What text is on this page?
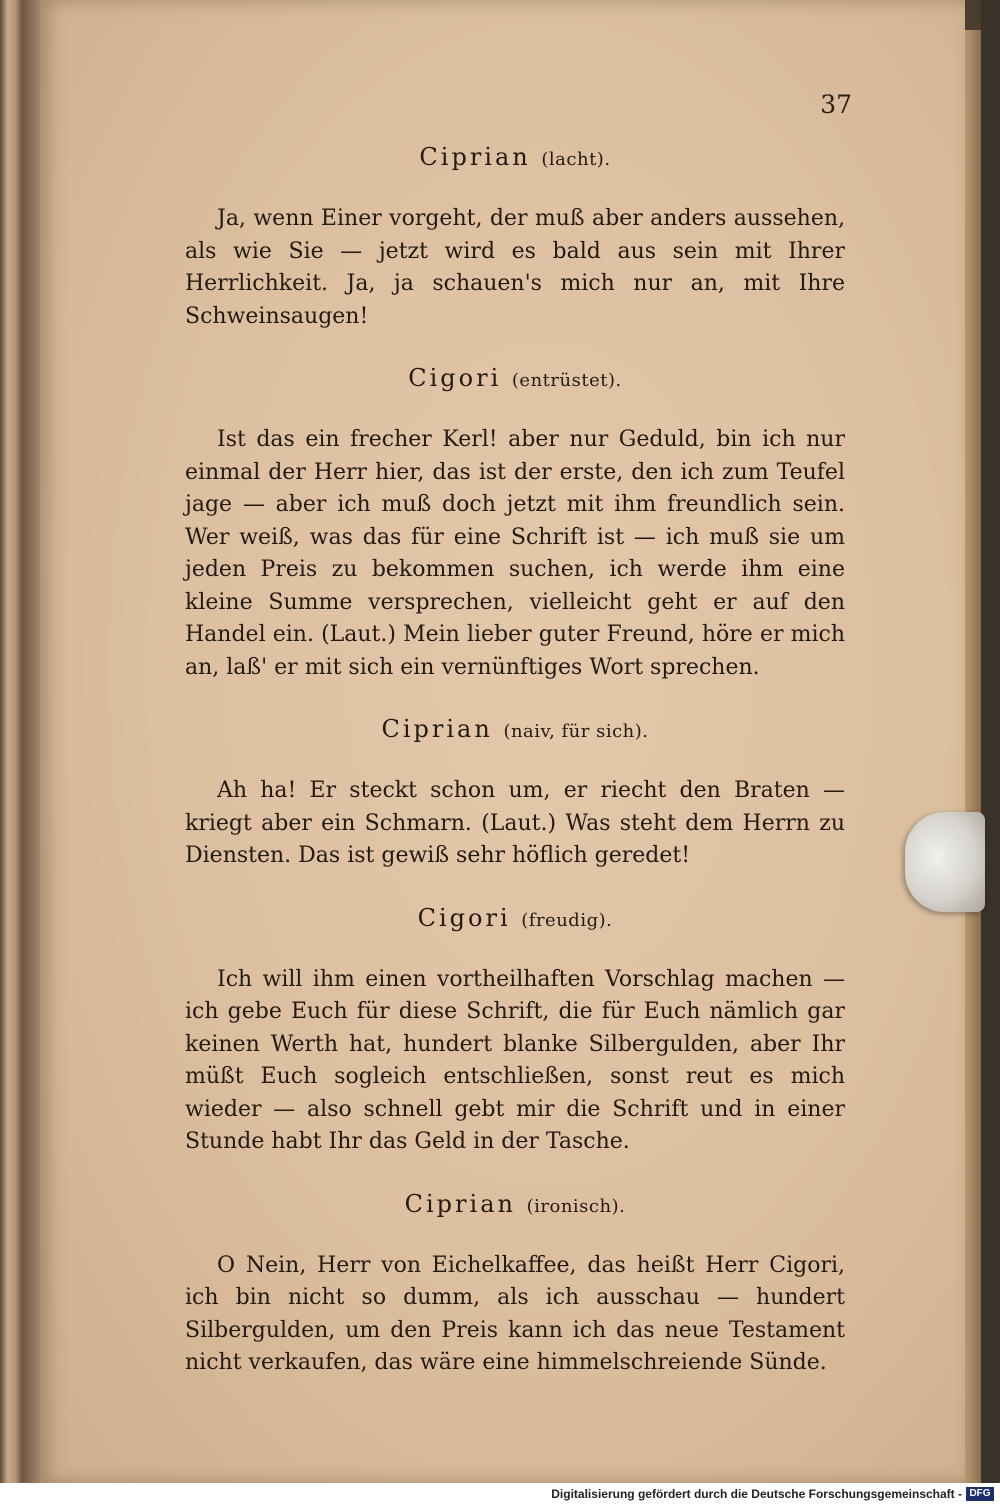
37
Ciprian (lacht).

Ja, wenn Einer vorgeht, der muß aber anders aussehen, als wie Sie — jetzt wird es bald aus sein mit Ihrer Herrlichkeit. Ja, ja schauen's mich nur an, mit Ihre Schweinsaugen!

Cigori (entrüstet).

Ist das ein frecher Kerl! aber nur Geduld, bin ich nur einmal der Herr hier, das ist der erste, den ich zum Teufel jage — aber ich muß doch jetzt mit ihm freundlich sein. Wer weiß, was das für eine Schrift ist — ich muß sie um jeden Preis zu bekommen suchen, ich werde ihm eine kleine Summe versprechen, vielleicht geht er auf den Handel ein. (Laut.) Mein lieber guter Freund, höre er mich an, laß' er mit sich ein vernünftiges Wort sprechen.

Ciprian (naiv, für sich).

Ah ha! Er steckt schon um, er riecht den Braten — kriegt aber ein Schmarn. (Laut.) Was steht dem Herrn zu Diensten. Das ist gewiß sehr höflich geredet!

Cigori (freudig).

Ich will ihm einen vortheilhaften Vorschlag machen — ich gebe Euch für diese Schrift, die für Euch nämlich gar keinen Werth hat, hundert blanke Silbergulden, aber Ihr müßt Euch sogleich entschließen, sonst reut es mich wieder — also schnell gebt mir die Schrift und in einer Stunde habt Ihr das Geld in der Tasche.

Ciprian (ironisch).

O Nein, Herr von Eichelkaffee, das heißt Herr Cigori, ich bin nicht so dumm, als ich ausschau — hundert Silbergulden, um den Preis kann ich das neue Testament nicht verkaufen, das wäre eine himmelschreiende Sünde.

Digitalisierung gefördert durch die Deutsche Forschungsgemeinschaft - DFG
